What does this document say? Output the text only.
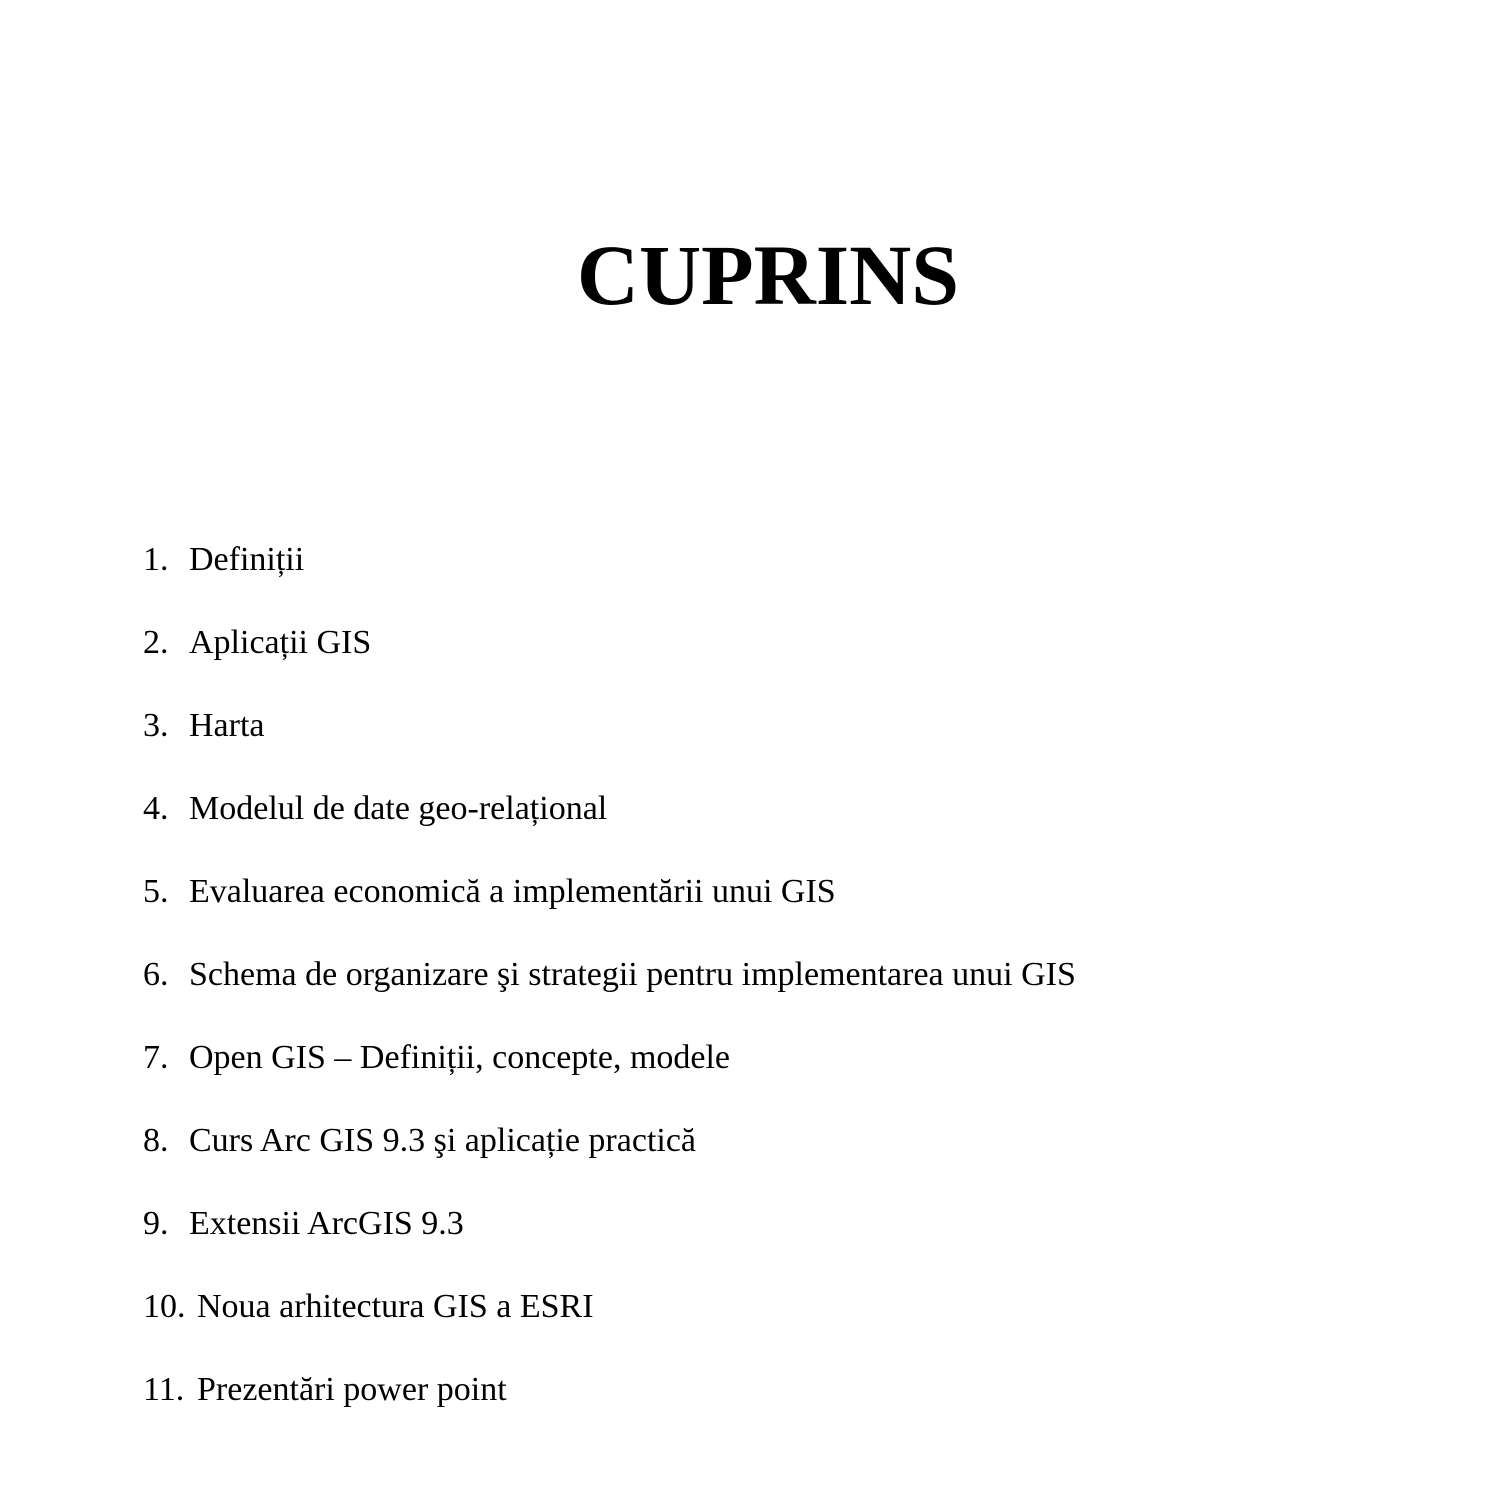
CUPRINS
1. Definiții
2. Aplicații GIS
3. Harta
4. Modelul de date geo-relațional
5. Evaluarea economică a implementării unui GIS
6. Schema de organizare şi strategii pentru implementarea unui GIS
7. Open GIS – Definiții, concepte, modele
8. Curs Arc GIS 9.3 şi aplicație practică
9. Extensii ArcGIS 9.3
10. Noua arhitectura GIS a ESRI
11. Prezentări power point
